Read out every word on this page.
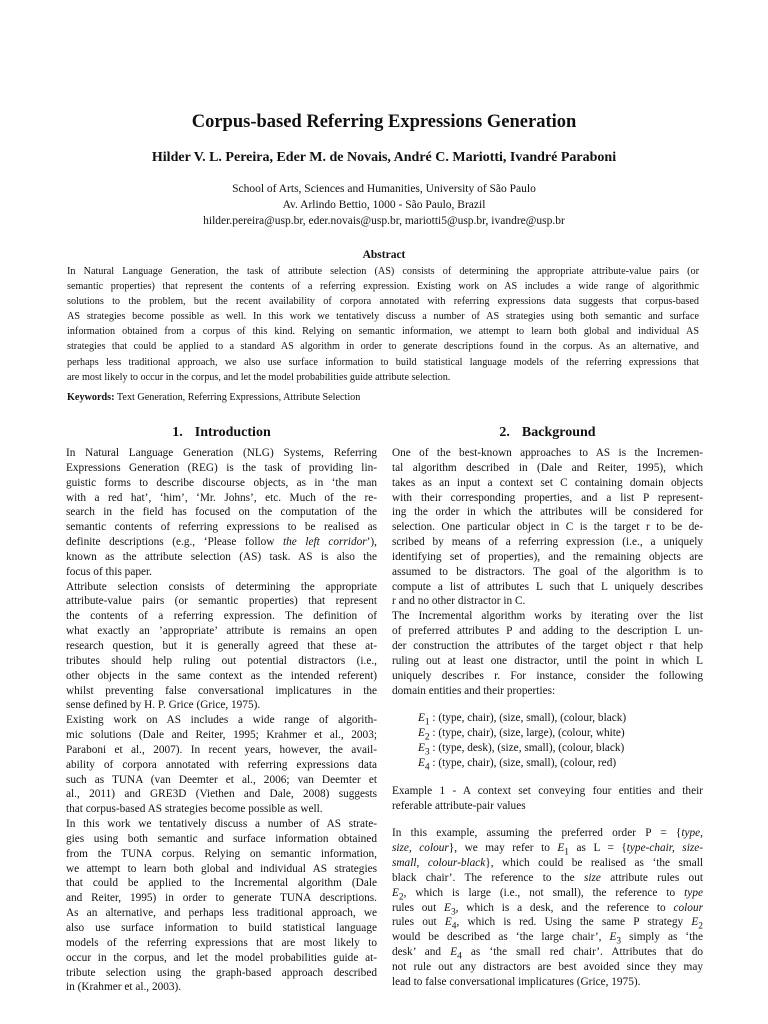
Corpus-based Referring Expressions Generation
Hilder V. L. Pereira, Eder M. de Novais, André C. Mariotti, Ivandré Paraboni
School of Arts, Sciences and Humanities, University of São Paulo
Av. Arlindo Bettio, 1000 - São Paulo, Brazil
hilder.pereira@usp.br, eder.novais@usp.br, mariotti5@usp.br, ivandre@usp.br
Abstract
In Natural Language Generation, the task of attribute selection (AS) consists of determining the appropriate attribute-value pairs (or
semantic properties) that represent the contents of a referring expression. Existing work on AS includes a wide range of algorithmic
solutions to the problem, but the recent availability of corpora annotated with referring expressions data suggests that corpus-based
AS strategies become possible as well. In this work we tentatively discuss a number of AS strategies using both semantic and surface
information obtained from a corpus of this kind. Relying on semantic information, we attempt to learn both global and individual AS
strategies that could be applied to a standard AS algorithm in order to generate descriptions found in the corpus. As an alternative, and
perhaps less traditional approach, we also use surface information to build statistical language models of the referring expressions that
are most likely to occur in the corpus, and let the model probabilities guide attribute selection.
Keywords: Text Generation, Referring Expressions, Attribute Selection
1. Introduction	2. Background
In Natural Language Generation (NLG) Systems, Referring
Expressions Generation (REG) is the task of providing lin-
guistic forms to describe discourse objects, as in ‘the man
with a red hat’, ‘him’, ‘Mr. Johns’, etc. Much of the re-
search in the field has focused on the computation of the
semantic contents of referring expressions to be realised as
definite descriptions (e.g., ‘Please follow the left corridor’),
known as the attribute selection (AS) task. AS is also the
focus of this paper.
Attribute selection consists of determining the appropriate
attribute-value pairs (or semantic properties) that represent
the contents of a referring expression. The definition of
what exactly an ’appropriate’ attribute is remains an open
research question, but it is generally agreed that these at-
tributes should help ruling out potential distractors (i.e.,
other objects in the same context as the intended referent)
whilst preventing false conversational implicatures in the
sense defined by H. P. Grice (Grice, 1975).
Existing work on AS includes a wide range of algorith-
mic solutions (Dale and Reiter, 1995; Krahmer et al., 2003;
Paraboni et al., 2007). In recent years, however, the avail-
ability of corpora annotated with referring expressions data
such as TUNA (van Deemter et al., 2006; van Deemter et
al., 2011) and GRE3D (Viethen and Dale, 2008) suggests
that corpus-based AS strategies become possible as well.
In this work we tentatively discuss a number of AS strate-
gies using both semantic and surface information obtained
from the TUNA corpus. Relying on semantic information,
we attempt to learn both global and individual AS strategies
that could be applied to the Incremental algorithm (Dale
and Reiter, 1995) in order to generate TUNA descriptions.
As an alternative, and perhaps less traditional approach, we
also use surface information to build statistical language
models of the referring expressions that are most likely to
occur in the corpus, and let the model probabilities guide at-
tribute selection using the graph-based approach described
in (Krahmer et al., 2003).
One of the best-known approaches to AS is the Incremen-
tal algorithm described in (Dale and Reiter, 1995), which
takes as an input a context set C containing domain objects
with their corresponding properties, and a list P represent-
ing the order in which the attributes will be considered for
selection. One particular object in C is the target r to be de-
scribed by means of a referring expression (i.e., a uniquely
identifying set of properties), and the remaining objects are
assumed to be distractors. The goal of the algorithm is to
compute a list of attributes L such that L uniquely describes
r and no other distractor in C.
The Incremental algorithm works by iterating over the list
of preferred attributes P and adding to the description L un-
der construction the attributes of the target object r that help
ruling out at least one distractor, until the point in which L
uniquely describes r. For instance, consider the following
domain entities and their properties:
$E_1$ : (type, chair), (size, small), (colour, black)
$E_2$ : (type, chair), (size, large), (colour, white)
$E_3$ : (type, desk), (size, small), (colour, black)
$E_4$ : (type, chair), (size, small), (colour, red)
Example 1 - A context set conveying four entities and their
referable attribute-pair values
In this example, assuming the preferred order P = {type,
size, colour}, we may refer to $E_1$ as L = {type-chair, size-
small, colour-black}, which could be realised as ‘the small
black chair’. The reference to the size attribute rules out
$E_2$, which is large (i.e., not small), the reference to type
rules out $E_3$, which is a desk, and the reference to colour
rules out $E_4$, which is red. Using the same P strategy $E_2$
would be described as ‘the large chair’, $E_3$ simply as ‘the
desk’ and $E_4$ as ‘the small red chair’. Attributes that do
not rule out any distractors are best avoided since they may
lead to false conversational implicatures (Grice, 1975).
